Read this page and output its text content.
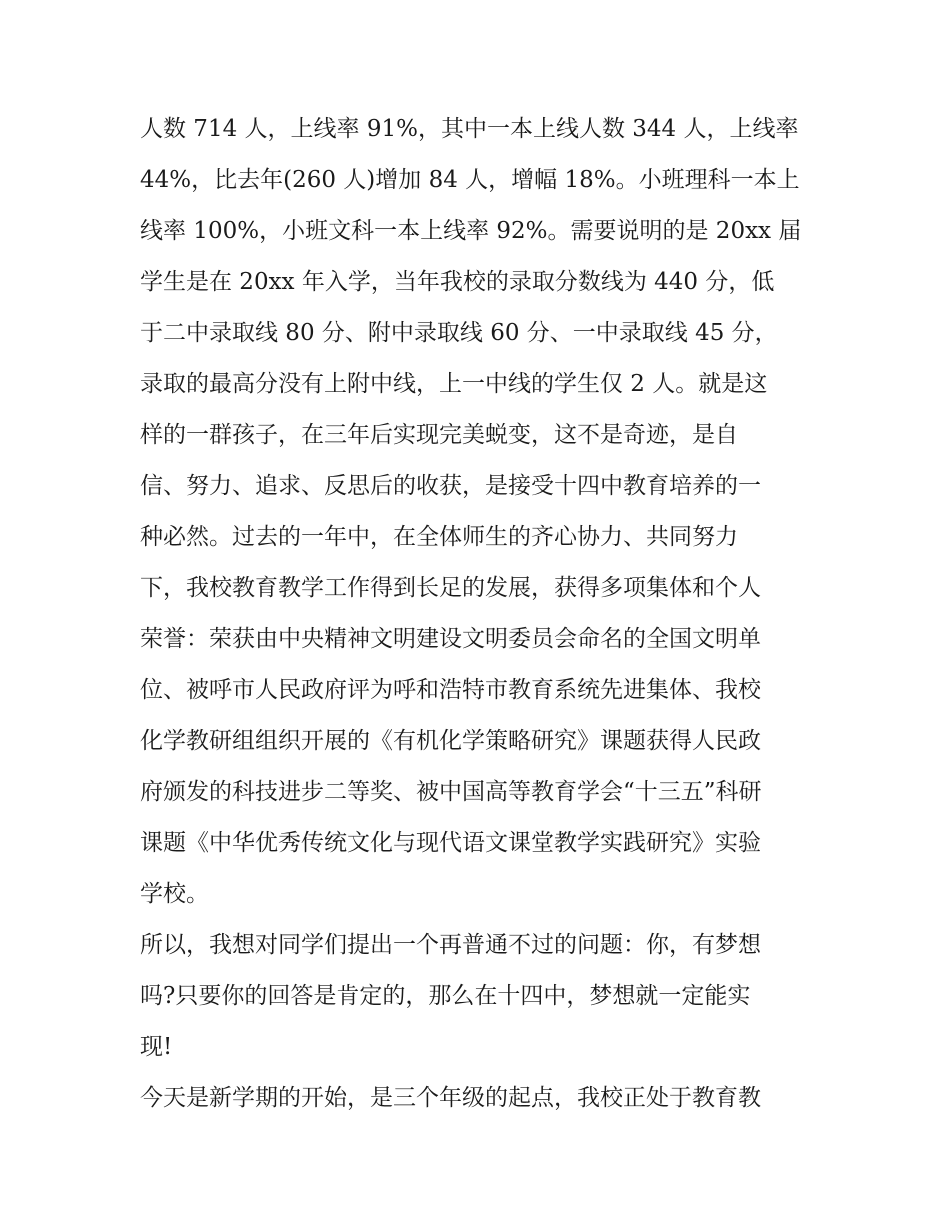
人数 714 人，上线率 91%，其中一本上线人数 344 人，上线率
44%，比去年(260 人)增加 84 人，增幅 18%。小班理科一本上
线率 100%，小班文科一本上线率 92%。需要说明的是 20xx 届
学生是在 20xx 年入学，当年我校的录取分数线为 440 分，低
于二中录取线 80 分、附中录取线 60 分、一中录取线 45 分，
录取的最高分没有上附中线，上一中线的学生仅 2 人。就是这
样的一群孩子，在三年后实现完美蜕变，这不是奇迹，是自
信、努力、追求、反思后的收获，是接受十四中教育培养的一
种必然。过去的一年中，在全体师生的齐心协力、共同努力
下，我校教育教学工作得到长足的发展，获得多项集体和个人
荣誉：荣获由中央精神文明建设文明委员会命名的全国文明单
位、被呼市人民政府评为呼和浩特市教育系统先进集体、我校
化学教研组组织开展的《有机化学策略研究》课题获得人民政
府颁发的科技进步二等奖、被中国高等教育学会“十三五”科研
课题《中华优秀传统文化与现代语文课堂教学实践研究》实验
学校。
所以，我想对同学们提出一个再普通不过的问题：你，有梦想
吗?只要你的回答是肯定的，那么在十四中，梦想就一定能实
现!
今天是新学期的开始，是三个年级的起点，我校正处于教育教
